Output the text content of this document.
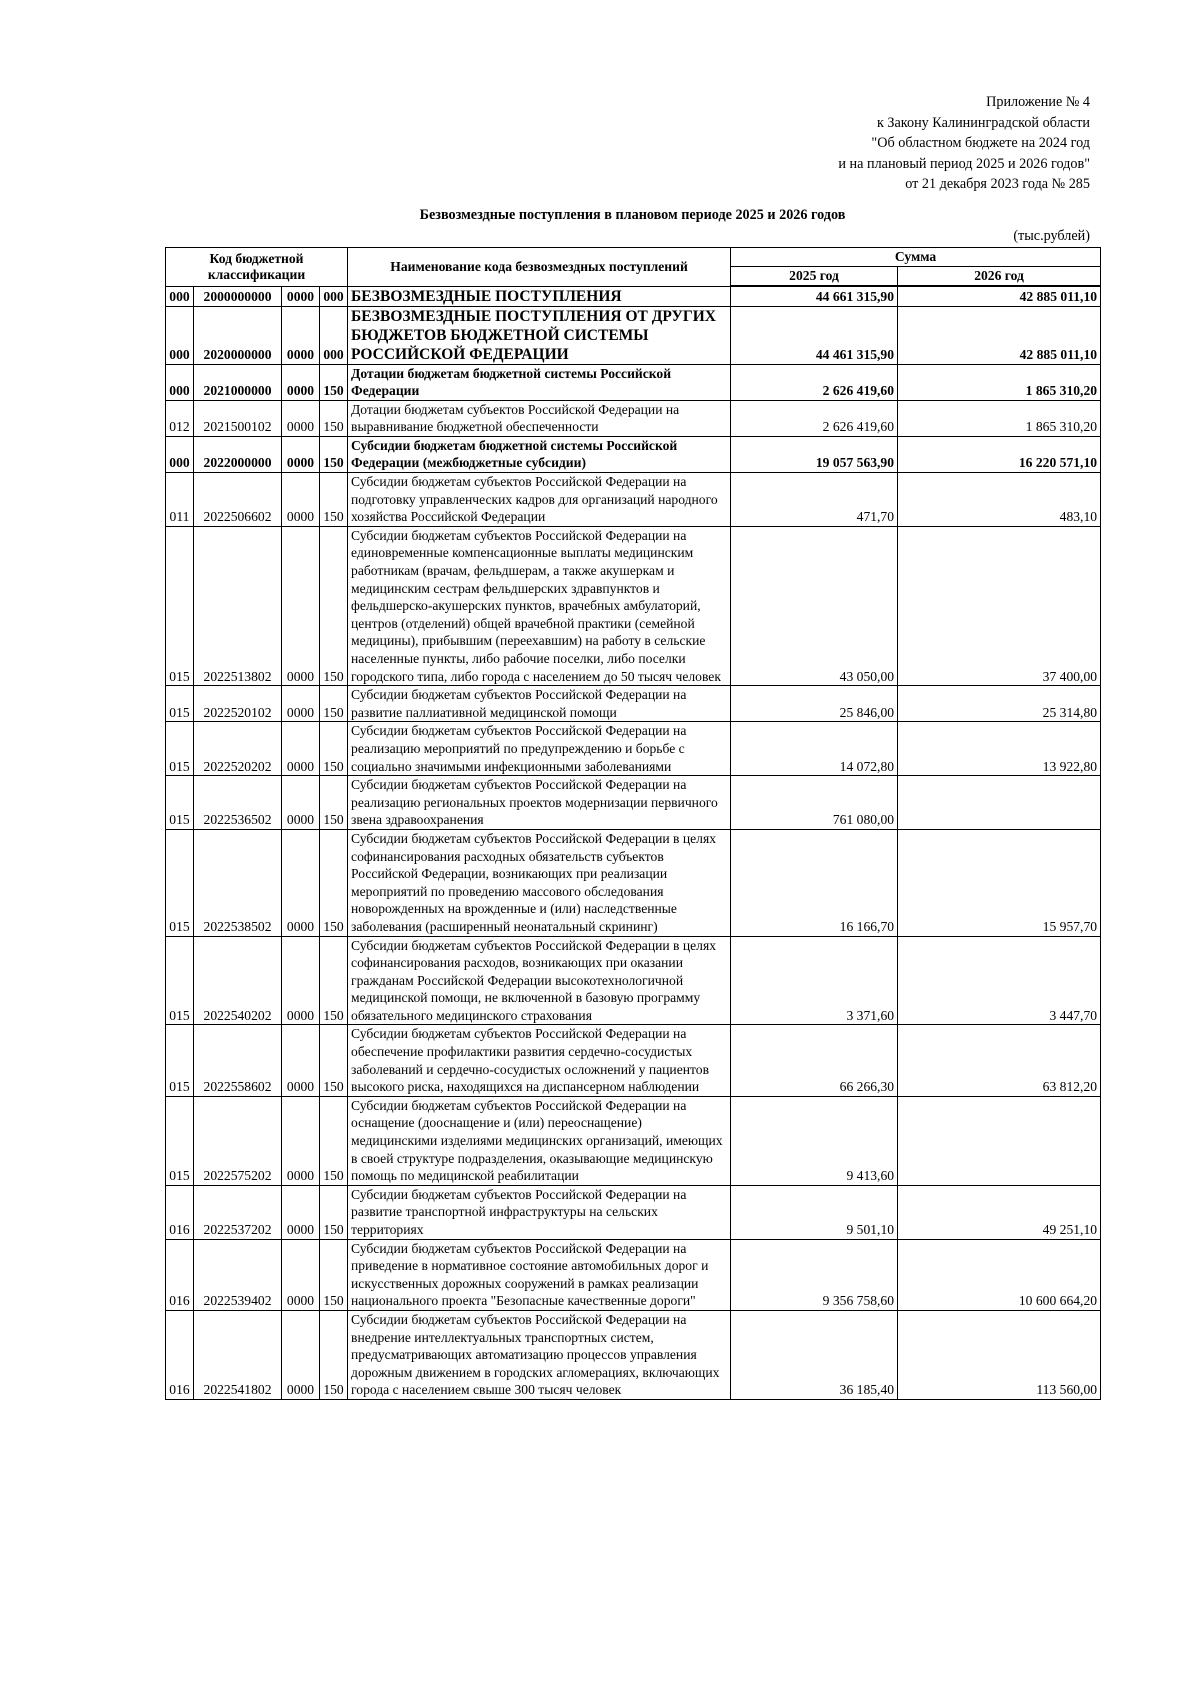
Приложение № 4
к Закону Калининградской области
"Об областном бюджете на 2024 год
и на плановый период 2025 и 2026 годов"
от 21 декабря 2023 года № 285
Безвозмездные поступления в плановом периоде 2025 и 2026 годов
(тыс.рублей)
Код бюджетной классификации				Наименование кода безвозмездных поступлений	Сумма	
					2025 год	2026 год
000	2000000000	0000	000	БЕЗВОЗМЕЗДНЫЕ ПОСТУПЛЕНИЯ	44 661 315,90	42 885 011,10
000	2020000000	0000	000	БЕЗВОЗМЕЗДНЫЕ ПОСТУПЛЕНИЯ ОТ ДРУГИХ БЮДЖЕТОВ БЮДЖЕТНОЙ СИСТЕМЫ РОССИЙСКОЙ ФЕДЕРАЦИИ	44 461 315,90	42 885 011,10
000	2021000000	0000	150	Дотации бюджетам бюджетной системы Российской Федерации	2 626 419,60	1 865 310,20
012	2021500102	0000	150	Дотации бюджетам субъектов Российской Федерации на выравнивание бюджетной обеспеченности	2 626 419,60	1 865 310,20
000	2022000000	0000	150	Субсидии бюджетам бюджетной системы Российской Федерации (межбюджетные субсидии)	19 057 563,90	16 220 571,10
011	2022506602	0000	150	Субсидии бюджетам субъектов Российской Федерации на подготовку управленческих кадров для организаций народного хозяйства Российской Федерации	471,70	483,10
015	2022513802	0000	150	Субсидии бюджетам субъектов Российской Федерации на единовременные компенсационные выплаты медицинским работникам (врачам, фельдшерам, а также акушеркам и медицинским сестрам фельдшерских здравпунктов и фельдшерско-акушерских пунктов, врачебных амбулаторий, центров (отделений) общей врачебной практики (семейной медицины), прибывшим (переехавшим) на работу в сельские населенные пункты, либо рабочие поселки, либо поселки городского типа, либо города с населением до 50 тысяч человек	43 050,00	37 400,00
015	2022520102	0000	150	Субсидии бюджетам субъектов Российской Федерации на развитие паллиативной медицинской помощи	25 846,00	25 314,80
015	2022520202	0000	150	Субсидии бюджетам субъектов Российской Федерации на реализацию мероприятий по предупреждению и борьбе с социально значимыми инфекционными заболеваниями	14 072,80	13 922,80
015	2022536502	0000	150	Субсидии бюджетам субъектов Российской Федерации на реализацию региональных проектов модернизации первичного звена здравоохранения	761 080,00	
015	2022538502	0000	150	Субсидии бюджетам субъектов Российской Федерации в целях софинансирования расходных обязательств субъектов Российской Федерации, возникающих при реализации мероприятий по проведению массового обследования новорожденных на врожденные и (или) наследственные заболевания (расширенный неонатальный скрининг)	16 166,70	15 957,70
015	2022540202	0000	150	Субсидии бюджетам субъектов Российской Федерации в целях софинансирования расходов, возникающих при оказании гражданам Российской Федерации высокотехнологичной медицинской помощи, не включенной в базовую программу обязательного медицинского страхования	3 371,60	3 447,70
015	2022558602	0000	150	Субсидии бюджетам субъектов Российской Федерации на обеспечение профилактики развития сердечно-сосудистых заболеваний и сердечно-сосудистых осложнений у пациентов высокого риска, находящихся на диспансерном наблюдении	66 266,30	63 812,20
015	2022575202	0000	150	Субсидии бюджетам субъектов Российской Федерации на оснащение (дооснащение и (или) переоснащение) медицинскими изделиями медицинских организаций, имеющих в своей структуре подразделения, оказывающие медицинскую помощь по медицинской реабилитации	9 413,60	
016	2022537202	0000	150	Субсидии бюджетам субъектов Российской Федерации на развитие транспортной инфраструктуры на сельских территориях	9 501,10	49 251,10
016	2022539402	0000	150	Субсидии бюджетам субъектов Российской Федерации на приведение в нормативное состояние автомобильных дорог и искусственных дорожных сооружений в рамках реализации национального проекта "Безопасные качественные дороги"	9 356 758,60	10 600 664,20
016	2022541802	0000	150	Субсидии бюджетам субъектов Российской Федерации на внедрение интеллектуальных транспортных систем, предусматривающих автоматизацию процессов управления дорожным движением в городских агломерациях, включающих города с населением свыше 300 тысяч человек	36 185,40	113 560,00
